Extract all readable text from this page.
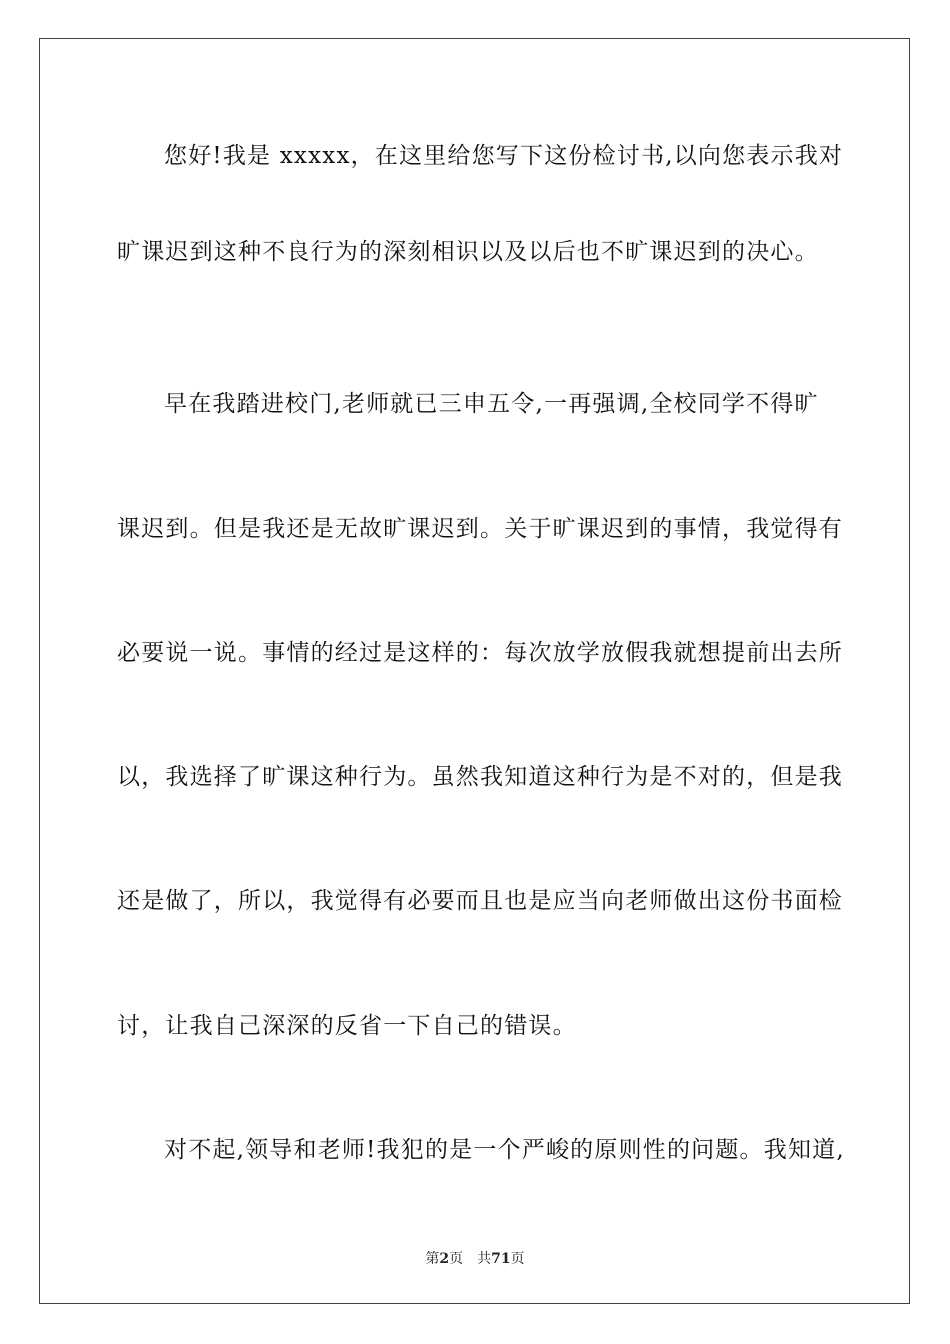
您好!我是 xxxxx，在这里给您写下这份检讨书,以向您表示我对
旷课迟到这种不良行为的深刻相识以及以后也不旷课迟到的决心。
早在我踏进校门,老师就已三申五令,一再强调,全校同学不得旷
课迟到。但是我还是无故旷课迟到。关于旷课迟到的事情，我觉得有
必要说一说。事情的经过是这样的：每次放学放假我就想提前出去所
以，我选择了旷课这种行为。虽然我知道这种行为是不对的，但是我
还是做了，所以，我觉得有必要而且也是应当向老师做出这份书面检
讨，让我自己深深的反省一下自己的错误。
对不起,领导和老师!我犯的是一个严峻的原则性的问题。我知道,
第2页 共71页
